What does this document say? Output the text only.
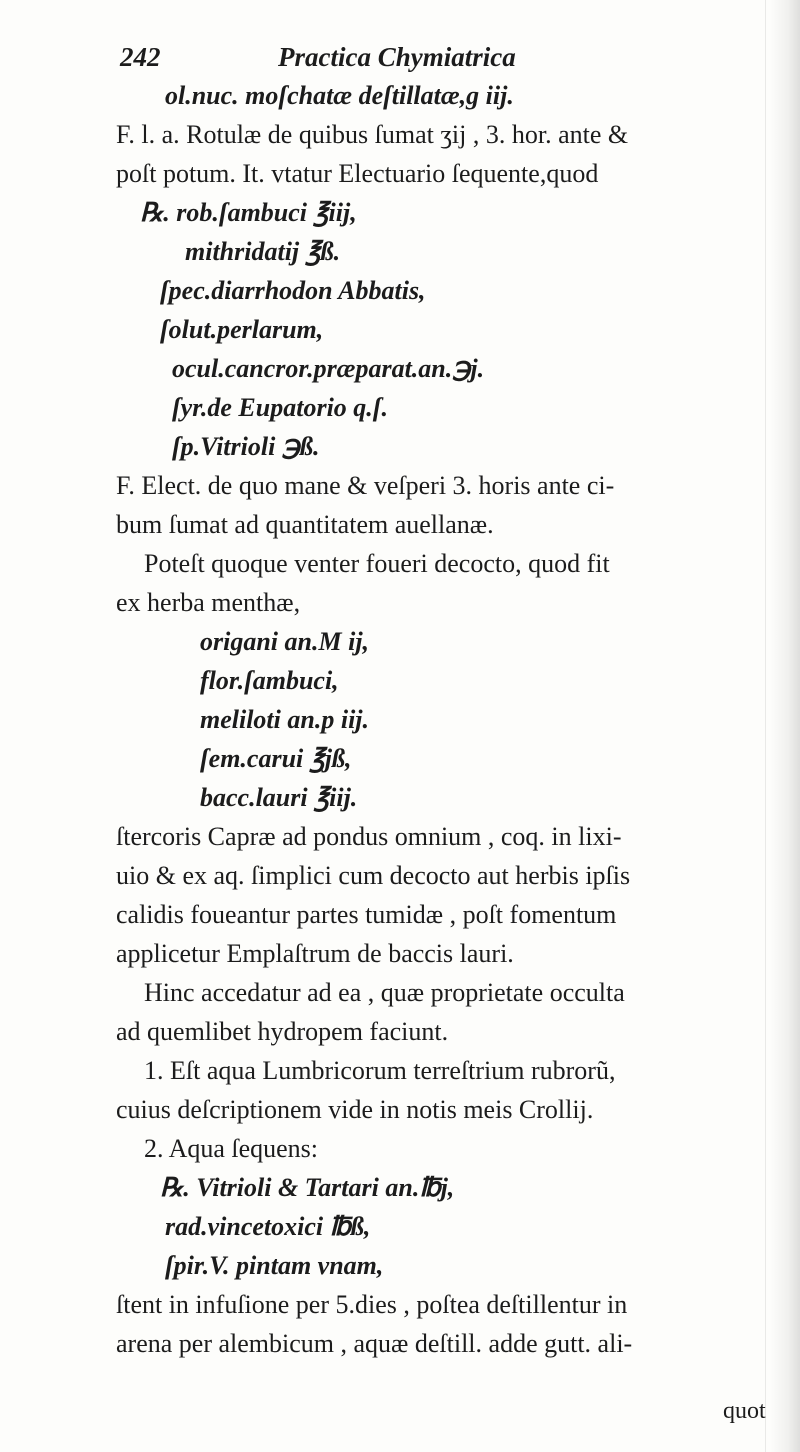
242	Practica Chymiatrica
ol.nuc. moſchatæ deſtillatæ,g iij.
F. l. a. Rotulæ de quibus ſumat ʒij , 3. hor. ante &
poſt potum. It. vtatur Electuario ſequente,quod
℞. rob.ſambuci ℥iij,
mithridatij ℥ß.
ſpec.diarrhodon Abbatis,
ſolut.perlarum,
ocul.cancror.præparat.an.℈j.
ſyr.de Eupatorio q.ſ.
ſp.Vitrioli ℈ß.
F. Elect. de quo mane & veſperi 3. horis ante ci-
bum ſumat ad quantitatem auellanæ.
Poteſt quoque venter foueri decocto, quod fit
ex herba menthæ,
origani an.M ij,
flor.ſambuci,
meliloti an.p iij.
ſem.carui ℥jß,
bacc.lauri ℥iij.
ſtercoris Capræ ad pondus omnium , coq. in lixi-
uio & ex aq. ſimplici cum decocto aut herbis ipſis
calidis foueantur partes tumidæ , poſt fomentum
applicetur Emplaſtrum de baccis lauri.
Hinc accedatur ad ea , quæ proprietate occulta
ad quemlibet hydropem faciunt.
1. Eſt aqua Lumbricorum terreſtrium rubrorũ,
cuius deſcriptionem vide in notis meis Crollij.
2. Aqua ſequens:
℞. Vitrioli & Tartari an.℔j,
rad.vincetoxici ℔ß,
ſpir.V. pintam vnam,
ſtent in infuſione per 5.dies , poſtea deſtillentur in
arena per alembicum , aquæ deſtill. adde gutt. ali-
quot
